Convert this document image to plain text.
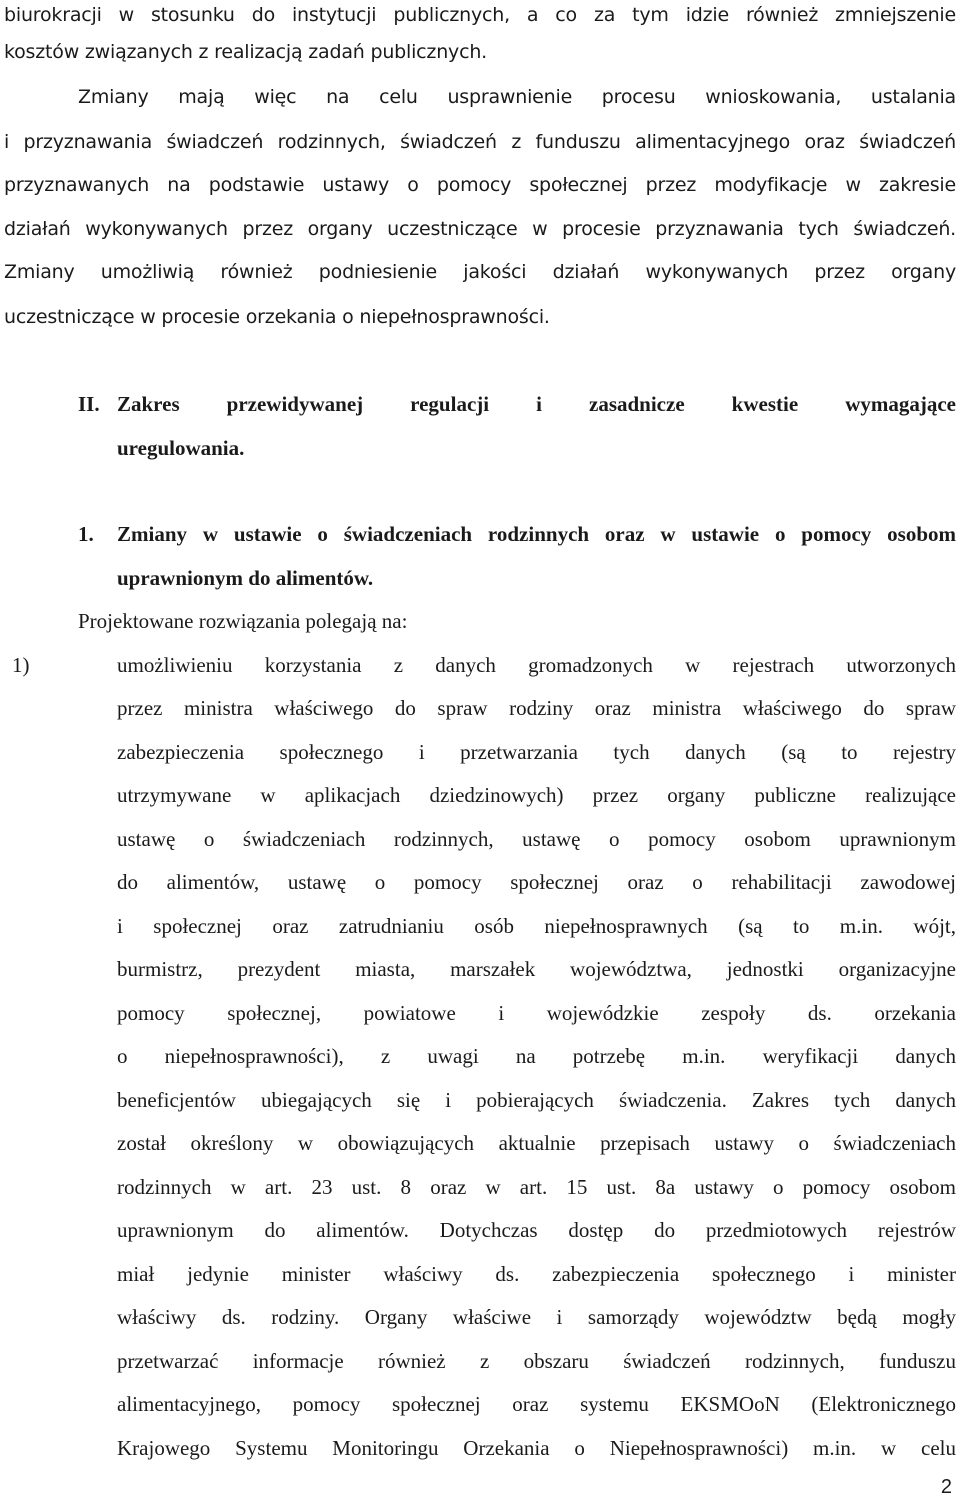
biurokracji w stosunku do instytucji publicznych, a co za tym idzie również zmniejszenie
kosztów związanych z realizacją zadań publicznych.
Zmiany mają więc na celu usprawnienie procesu wnioskowania, ustalania
i przyznawania świadczeń rodzinnych, świadczeń z funduszu alimentacyjnego oraz świadczeń
przyznawanych na podstawie ustawy o pomocy społecznej przez modyfikacje w zakresie
działań wykonywanych przez organy uczestniczące w procesie przyznawania tych świadczeń.
Zmiany umożliwią również podniesienie jakości działań wykonywanych przez organy
uczestniczące w procesie orzekania o niepełnosprawności.
II. Zakres przewidywanej regulacji i zasadnicze kwestie wymagające
uregulowania.
1. Zmiany w ustawie o świadczeniach rodzinnych oraz w ustawie o pomocy osobom
uprawnionym do alimentów.
Projektowane rozwiązania polegają na:
1)	umożliwieniu korzystania z danych gromadzonych w rejestrach utworzonych
przez ministra właściwego do spraw rodziny oraz ministra właściwego do spraw
zabezpieczenia społecznego i przetwarzania tych danych (są to rejestry
utrzymywane w aplikacjach dziedzinowych) przez organy publiczne realizujące
ustawę o świadczeniach rodzinnych, ustawę o pomocy osobom uprawnionym
do alimentów, ustawę o pomocy społecznej oraz o rehabilitacji zawodowej
i społecznej oraz zatrudnianiu osób niepełnosprawnych (są to m.in. wójt,
burmistrz, prezydent miasta, marszałek województwa, jednostki organizacyjne
pomocy społecznej, powiatowe i wojewódzkie zespoły ds. orzekania
o niepełnosprawności), z uwagi na potrzebę m.in. weryfikacji danych
beneficjentów ubiegających się i pobierających świadczenia. Zakres tych danych
został określony w obowiązujących aktualnie przepisach ustawy o świadczeniach
rodzinnych w art. 23 ust. 8 oraz w art. 15 ust. 8a ustawy o pomocy osobom
uprawnionym do alimentów. Dotychczas dostęp do przedmiotowych rejestrów
miał jedynie minister właściwy ds. zabezpieczenia społecznego i minister
właściwy ds. rodziny. Organy właściwe i samorządy województw będą mogły
przetwarzać informacje również z obszaru świadczeń rodzinnych, funduszu
alimentacyjnego, pomocy społecznej oraz systemu EKSMOoN (Elektronicznego
Krajowego Systemu Monitoringu Orzekania o Niepełnosprawności) m.in. w celu
2
